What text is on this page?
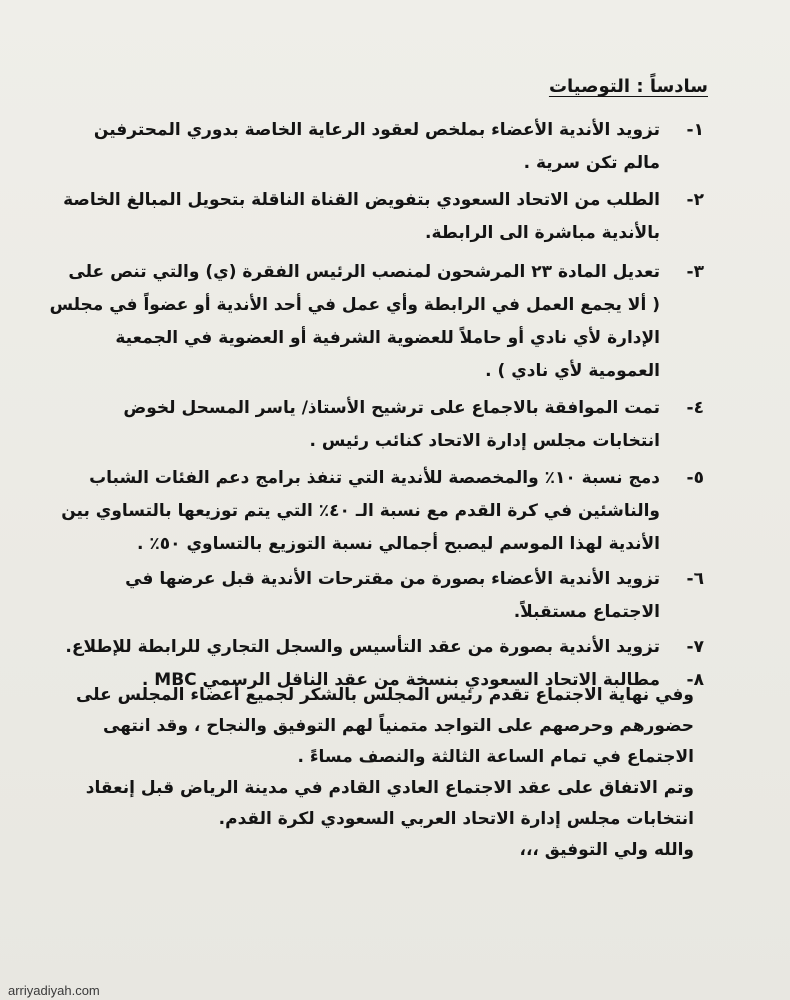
سادساً : التوصيات
١-
تزويد الأندية الأعضاء بملخص لعقود الرعاية الخاصة بدوري المحترفين
مالم تكن سرية .
٢-
الطلب من الاتحاد السعودي بتفويض القناة الناقلة بتحويل المبالغ الخاصة
بالأندية مباشرة الى الرابطة.
٣-
تعديل المادة ٢٣ المرشحون لمنصب الرئيس الفقرة (ي) والتي تنص على
( ألا يجمع العمل في الرابطة وأي عمل في أحد الأندية أو عضواً في مجلس
الإدارة لأي نادي أو حاملاً للعضوية الشرفية أو العضوية في الجمعية
العمومية لأي نادي ) .
٤-
تمت الموافقة بالاجماع على ترشيح الأستاذ/ ياسر المسحل لخوض
انتخابات مجلس إدارة الاتحاد كنائب رئيس .
٥-
دمج نسبة ١٠٪ والمخصصة للأندية التي تنفذ برامج دعم الفئات الشباب
والناشئين في كرة القدم مع نسبة الـ ٤٠٪ التي يتم توزيعها بالتساوي بين
الأندية لهذا الموسم ليصبح أجمالي نسبة التوزيع بالتساوي ٥٠٪ .
٦-
تزويد الأندية الأعضاء بصورة من مقترحات الأندية قبل عرضها في
الاجتماع مستقبلاً.
٧-
تزويد الأندية بصورة من عقد التأسيس والسجل التجاري للرابطة للإطلاع.
٨-
مطالبة الاتحاد السعودي بنسخة من عقد الناقل الرسمي MBC .
وفي نهاية الاجتماع تقدم رئيس المجلس بالشكر لجميع أعضاء المجلس على
حضورهم وحرصهم على التواجد متمنياً لهم التوفيق والنجاح ، وقد انتهى
الاجتماع في تمام الساعة الثالثة والنصف مساءً .
وتم الاتفاق على عقد الاجتماع العادي القادم في مدينة الرياض قبل إنعقاد
انتخابات مجلس إدارة الاتحاد العربي السعودي لكرة القدم.
والله ولي التوفيق ،،،
arriyadiyah.com
